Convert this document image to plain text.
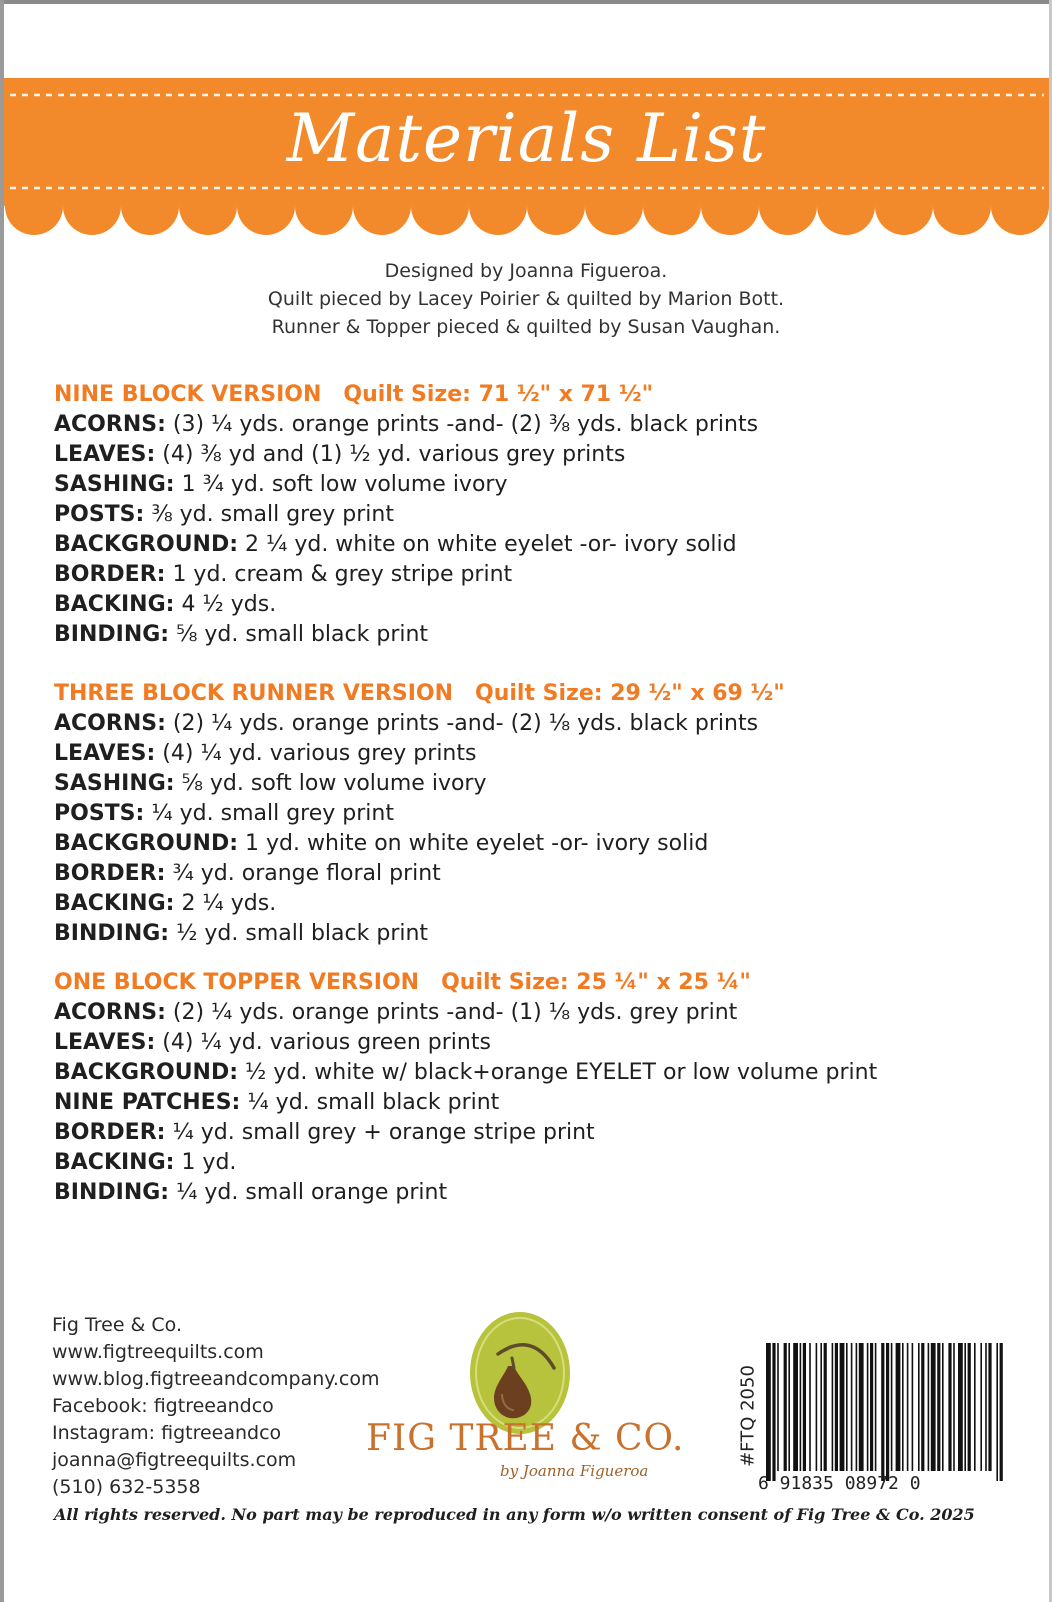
Materials List
Designed by Joanna Figueroa.
Quilt pieced by Lacey Poirier & quilted by Marion Bott.
Runner & Topper pieced & quilted by Susan Vaughan.
NINE BLOCK VERSION Quilt Size: 71 ½" x 71 ½"
ACORNS: (3) ¼ yds. orange prints -and- (2) ⅜ yds. black prints
LEAVES: (4) ⅜ yd and (1) ½ yd. various grey prints
SASHING: 1 ¾ yd. soft low volume ivory
POSTS: ⅜ yd. small grey print
BACKGROUND: 2 ¼ yd. white on white eyelet -or- ivory solid
BORDER: 1 yd. cream & grey stripe print
BACKING: 4 ½ yds.
BINDING: ⅝ yd. small black print
THREE BLOCK RUNNER VERSION Quilt Size: 29 ½" x 69 ½"
ACORNS: (2) ¼ yds. orange prints -and- (2) ⅛ yds. black prints
LEAVES: (4) ¼ yd. various grey prints
SASHING: ⅝ yd. soft low volume ivory
POSTS: ¼ yd. small grey print
BACKGROUND: 1 yd. white on white eyelet -or- ivory solid
BORDER: ¾ yd. orange floral print
BACKING: 2 ¼ yds.
BINDING: ½ yd. small black print
ONE BLOCK TOPPER VERSION Quilt Size: 25 ¼" x 25 ¼"
ACORNS: (2) ¼ yds. orange prints -and- (1) ⅛ yds. grey print
LEAVES: (4) ¼ yd. various green prints
BACKGROUND: ½ yd. white w/ black+orange EYELET or low volume print
NINE PATCHES: ¼ yd. small black print
BORDER: ¼ yd. small grey + orange stripe print
BACKING: 1 yd.
BINDING: ¼ yd. small orange print
Fig Tree & Co.
www.figtreequilts.com
www.blog.figtreeandcompany.com
Facebook: figtreeandco
Instagram: figtreeandco
joanna@figtreequilts.com
(510) 632-5358
FIG TREE & CO.
by Joanna Figueroa
#FTQ 2050
6 91835 08972 0
All rights reserved. No part may be reproduced in any form w/o written consent of Fig Tree & Co. 2025
